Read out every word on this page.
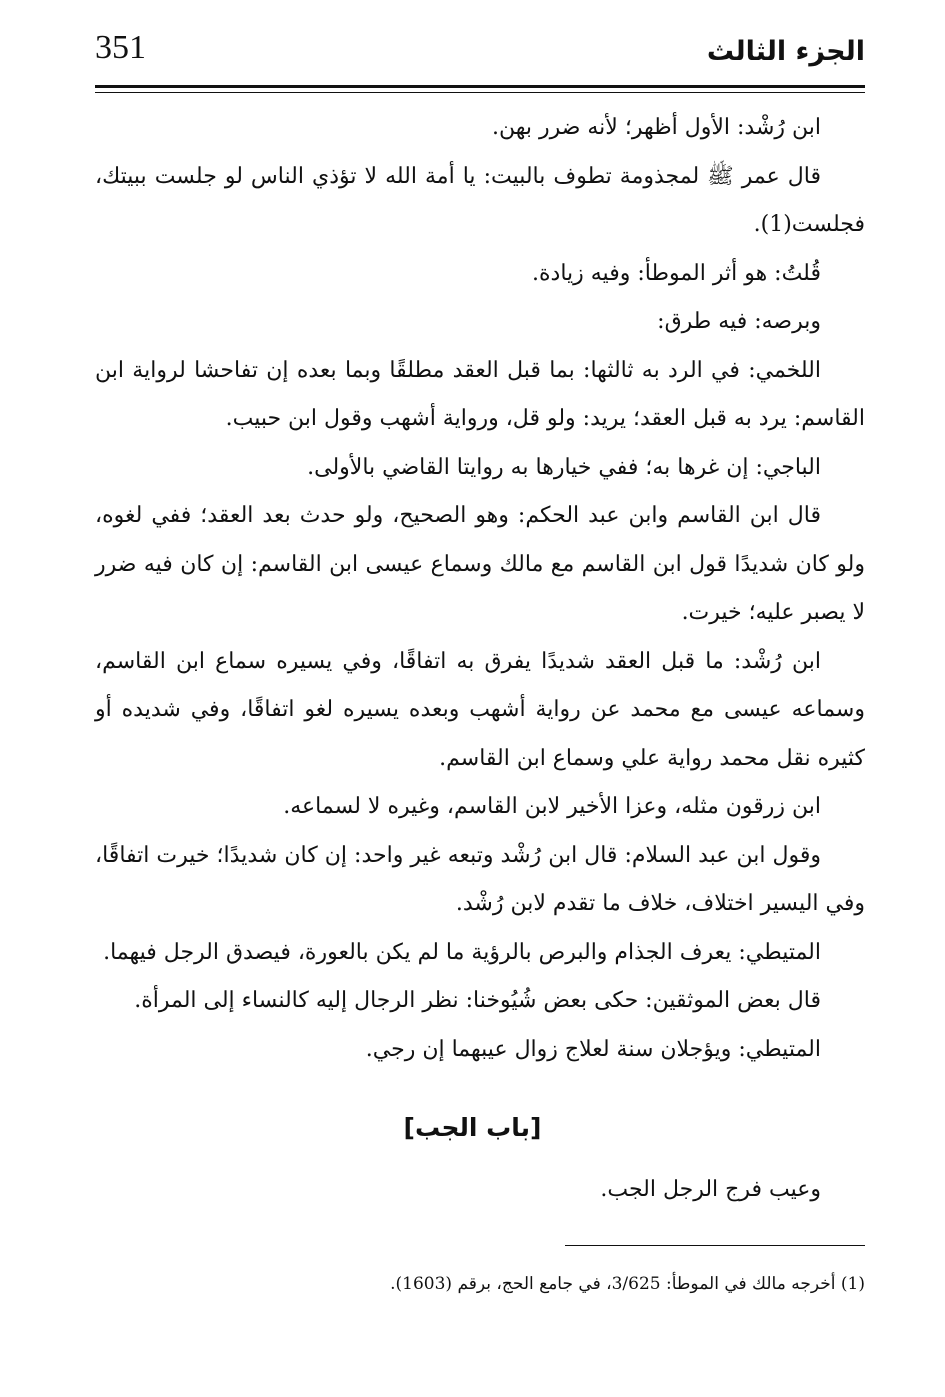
351	الجزء الثالث

ابن رُشْد: الأول أظهر؛ لأنه ضرر بهن.

قال عمر ﷺ لمجذومة تطوف بالبيت: يا أمة الله لا تؤذي الناس لو جلست ببيتك، فجلست(1).

قُلتُ: هو أثر الموطأ: وفيه زيادة.

وبرصه: فيه طرق:

اللخمي: في الرد به ثالثها: بما قبل العقد مطلقًا وبما بعده إن تفاحشا لرواية ابن القاسم: يرد به قبل العقد؛ يريد: ولو قل، ورواية أشهب وقول ابن حبيب.

الباجي: إن غرها به؛ ففي خيارها به روايتا القاضي بالأولى.

قال ابن القاسم وابن عبد الحكم: وهو الصحيح، ولو حدث بعد العقد؛ ففي لغوه، ولو كان شديدًا قول ابن القاسم مع مالك وسماع عيسى ابن القاسم: إن كان فيه ضرر لا يصبر عليه؛ خيرت.

ابن رُشْد: ما قبل العقد شديدًا يفرق به اتفاقًا، وفي يسيره سماع ابن القاسم، وسماعه عيسى مع محمد عن رواية أشهب وبعده يسيره لغو اتفاقًا، وفي شديده أو كثيره نقل محمد رواية علي وسماع ابن القاسم.

ابن زرقون مثله، وعزا الأخير لابن القاسم، وغيره لا لسماعه.

وقول ابن عبد السلام: قال ابن رُشْد وتبعه غير واحد: إن كان شديدًا؛ خيرت اتفاقًا، وفي اليسير اختلاف، خلاف ما تقدم لابن رُشْد.

المتيطي: يعرف الجذام والبرص بالرؤية ما لم يكن بالعورة، فيصدق الرجل فيهما.

قال بعض الموثقين: حكى بعض شُيُوخنا: نظر الرجال إليه كالنساء إلى المرأة.

المتيطي: ويؤجلان سنة لعلاج زوال عيبهما إن رجي.

[باب الجب]

وعيب فرج الرجل الجب.

(1) أخرجه مالك في الموطأ: 3/625، في جامع الحج، برقم (1603).
